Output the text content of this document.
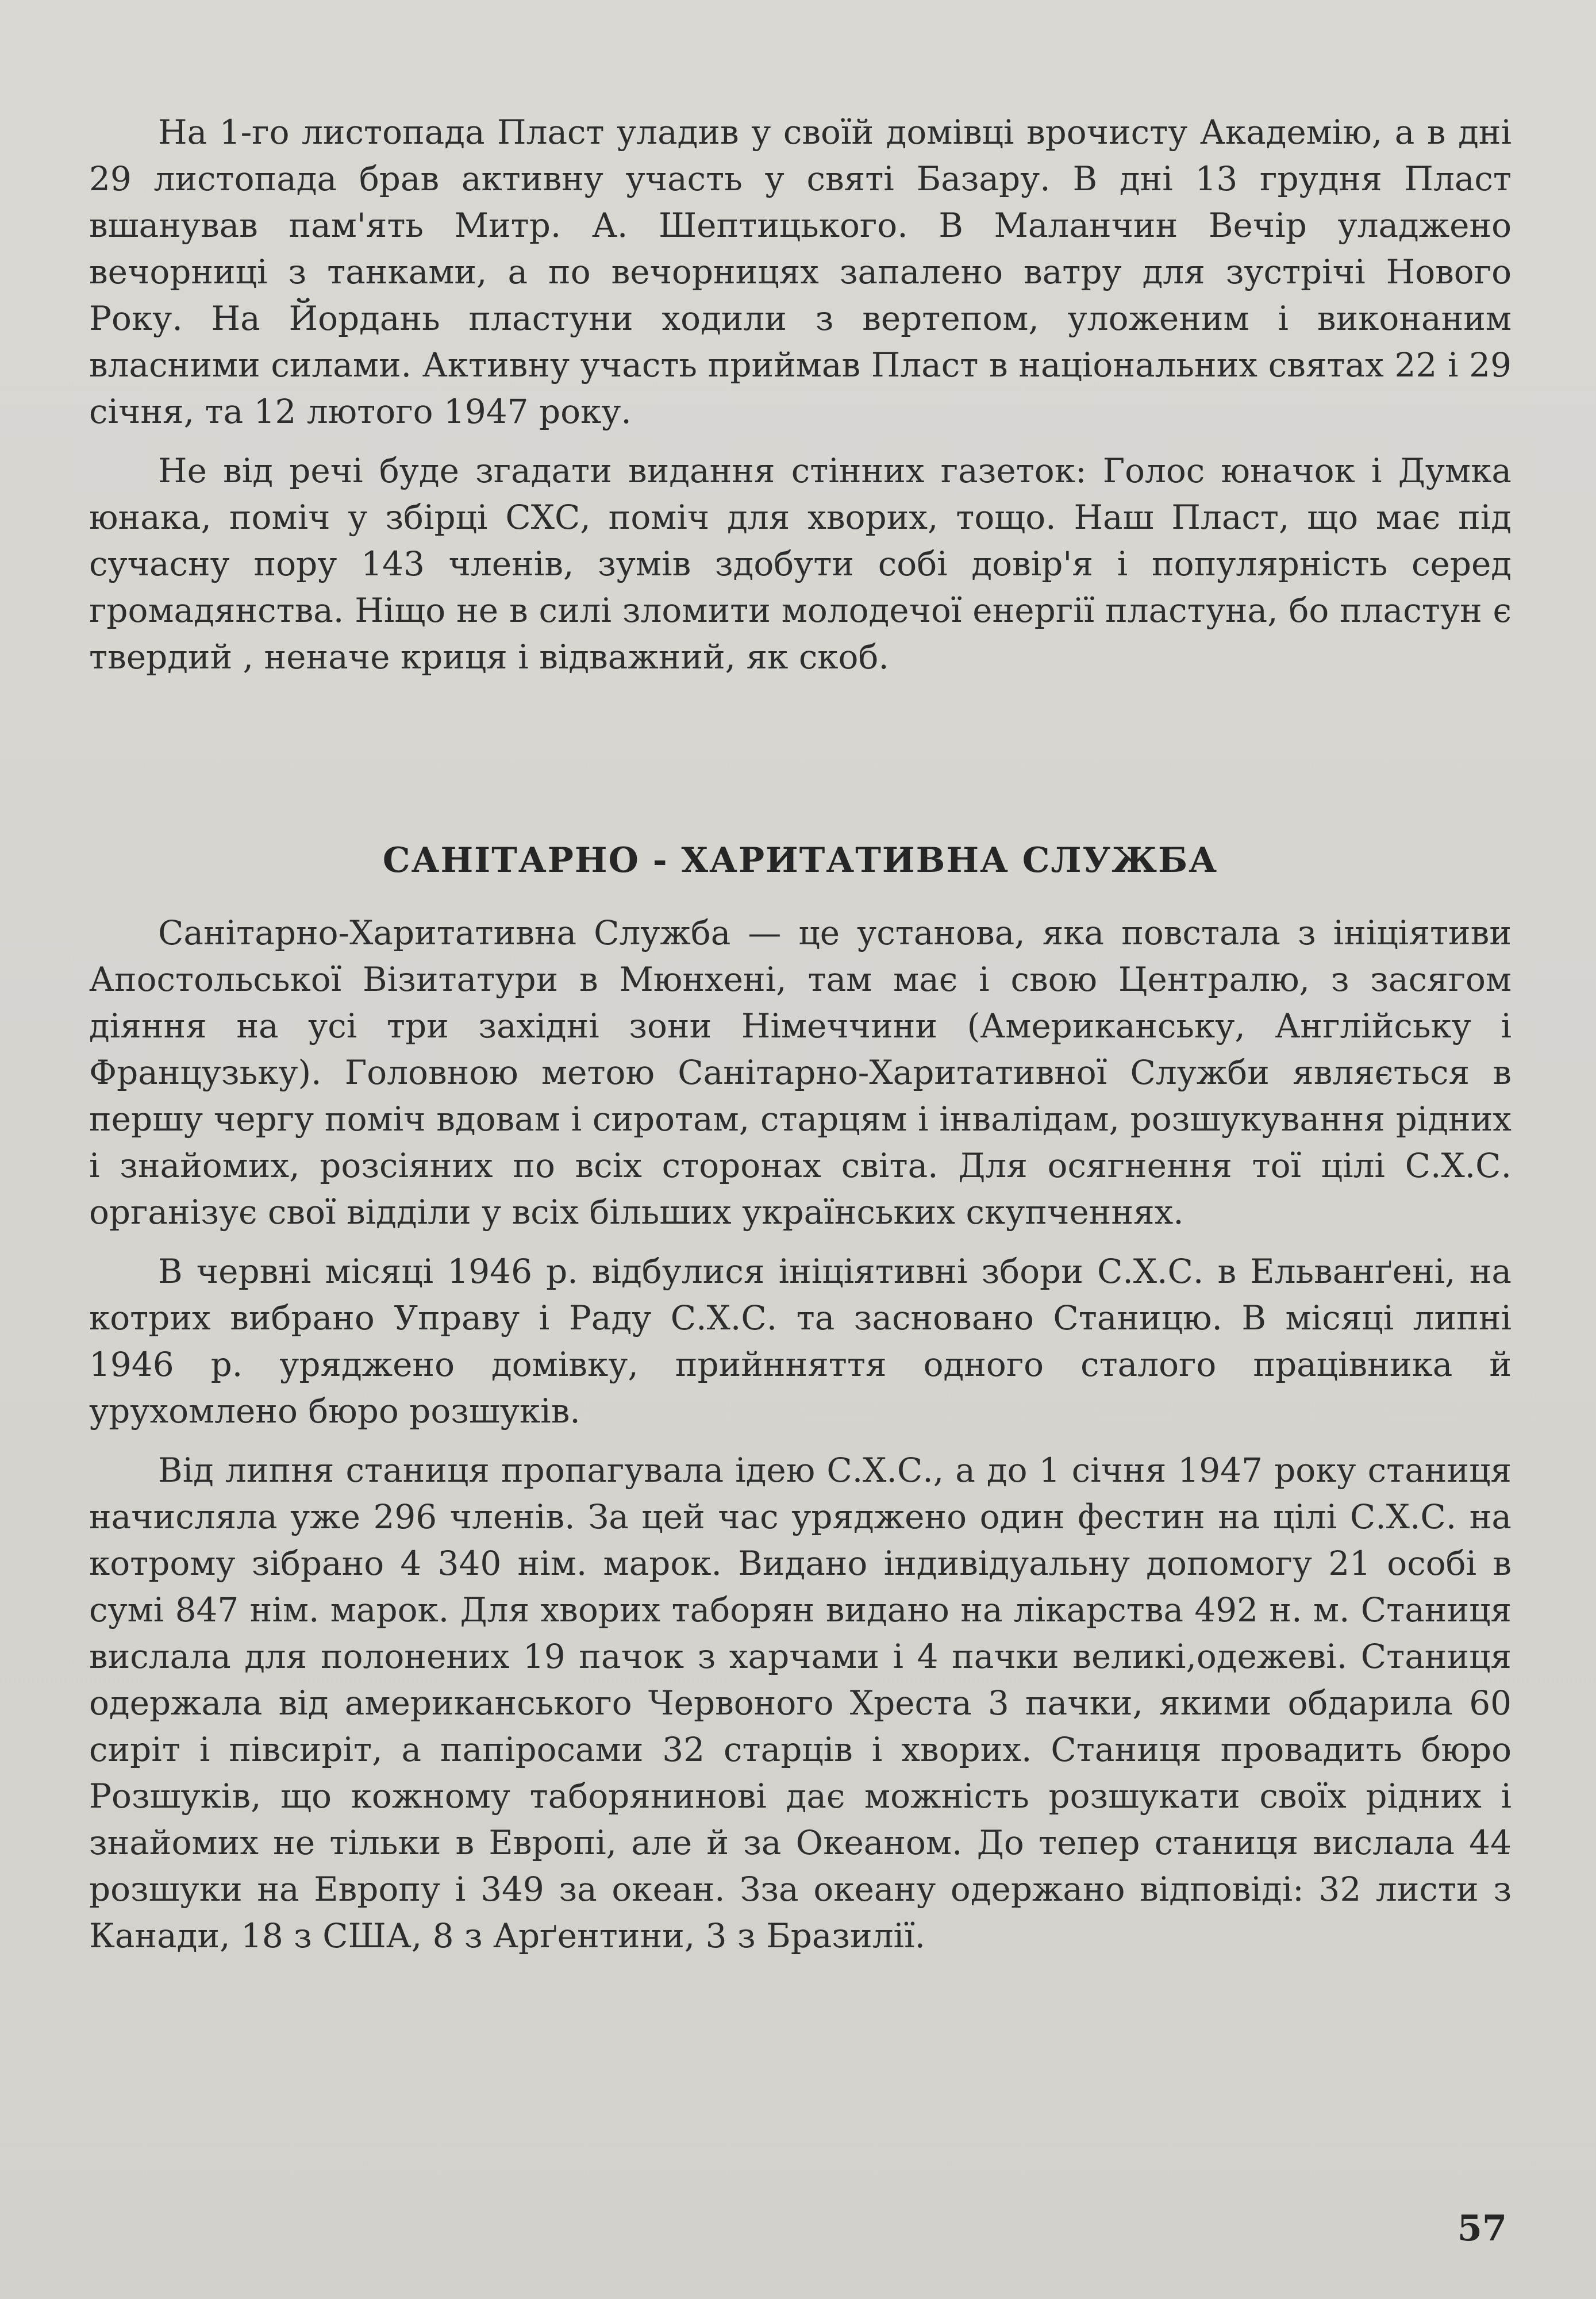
На 1-го листопада Пласт уладив у своїй домівці врочисту Академію, а в дні 29 листопада брав активну участь у святі Базару. В дні 13 грудня Пласт вшанував пам'ять Митр. А. Шептицького. В Маланчин Вечір уладжено вечорниці з танками, а по вечорницях запалено ватру для зустрічі Нового Року. На Йордань пластуни ходили з вертепом, уложеним і виконаним власними силами. Активну участь приймав Пласт в національних святах 22 і 29 січня, та 12 лютого 1947 року.

Не від речі буде згадати видання стінних газеток: Голос юначок і Думка юнака, поміч у збірці СХС, поміч для хворих, тощо. Наш Пласт, що має під сучасну пору 143 членів, зумів здобути собі довір'я і популярність серед громадянства. Ніщо не в силі зломити молодечої енергії пластуна, бо пластун є твердий , неначе криця і відважний, як скоб.

САНІТАРНО - ХАРИТАТИВНА СЛУЖБА

Санітарно-Харитативна Служба — це установа, яка повстала з ініціятиви Апостольської Візитатури в Мюнхені, там має і свою Централю, з засягом діяння на усі три західні зони Німеччини (Американську, Англійську і Французьку). Головною метою Санітарно-Харитативної Служби являється в першу чергу поміч вдовам і сиротам, старцям і інвалідам, розшукування рідних і знайомих, розсіяних по всіх сторонах світа. Для осягнення тої цілі С.Х.С. організує свої відділи у всіх більших українських скупченнях.

В червні місяці 1946 р. відбулися ініціятивні збори С.Х.С. в Ельванґені, на котрих вибрано Управу і Раду С.Х.С. та засновано Станицю. В місяці липні 1946 р. уряджено домівку, прийнняття одного сталого працівника й урухомлено бюро розшуків.

Від липня станиця пропагувала ідею С.Х.С., а до 1 січня 1947 року станиця начисляла уже 296 членів. За цей час уряджено один фестин на цілі С.Х.С. на котрому зібрано 4 340 нім. марок. Видано індивідуальну допомогу 21 особі в сумі 847 нім. марок. Для хворих таборян видано на лікарства 492 н. м. Станиця вислала для полонених 19 пачок з харчами і 4 пачки великі,одежеві. Станиця одержала від американського Червоного Хреста 3 пачки, якими обдарила 60 сиріт і півсиріт, а папіросами 32 старців і хворих. Станиця провадить бюро Розшуків, що кожному таборянинові дає можність розшукати своїх рідних і знайомих не тільки в Европі, але й за Океаном. До тепер станиця вислала 44 розшуки на Европу і 349 за океан. Зза океану одержано відповіді: 32 листи з Канади, 18 з США, 8 з Арґентини, 3 з Бразилії.

57
